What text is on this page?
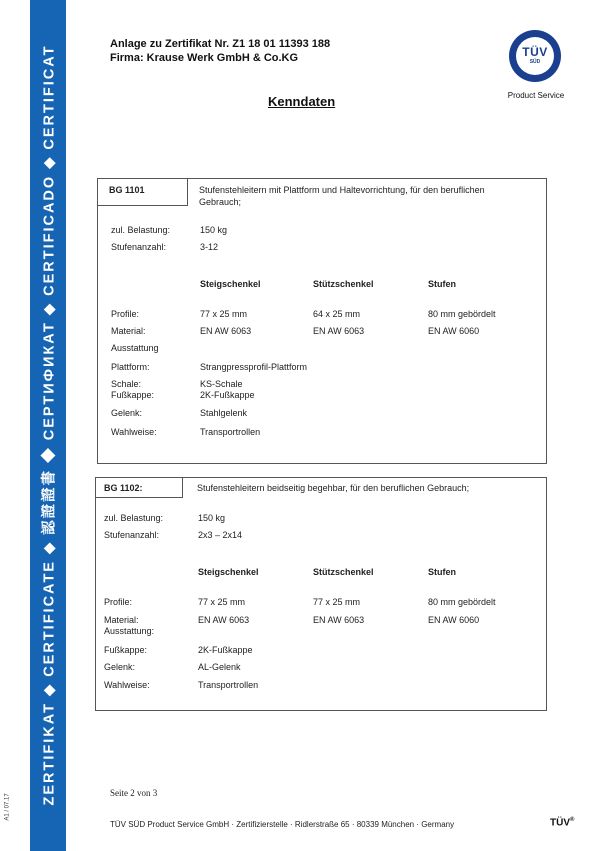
ZERTIFIKAT ◆ CERTIFICATE ◆ 認證證書 ◆ СЕРТИФИКАТ ◆ CERTIFICADO ◆ CERTIFICAT
A1 / 07.17
Anlage zu Zertifikat Nr. Z1 18 01 11393 188
Firma: Krause Werk GmbH & Co.KG	TÜV
SÜD
Product Service
Kenndaten
BG 1101	Stufenstehleitern mit Plattform und Haltevorrichtung, für den beruflichen Gebrauch;
zul. Belastung:	150 kg
Stufenanzahl:	3-12
Steigschenkel	Stützschenkel	Stufen
Profile:	77 x 25 mm	64 x 25 mm	80 mm gebördelt
Material:	EN AW 6063	EN AW 6063	EN AW 6060
Ausstattung
Plattform:	Strangpressprofil-Plattform
Schale:	KS-Schale
Fußkappe:	2K-Fußkappe
Gelenk:	Stahlgelenk
Wahlweise:	Transportrollen
BG 1102:	Stufenstehleitern beidseitig begehbar, für den beruflichen Gebrauch;
zul. Belastung:	150 kg
Stufenanzahl:	2x3 – 2x14
Steigschenkel	Stützschenkel	Stufen
Profile:	77 x 25 mm	77 x 25 mm	80 mm gebördelt
Material:	EN AW 6063	EN AW 6063	EN AW 6060
Ausstattung:
Fußkappe:	2K-Fußkappe
Gelenk:	AL-Gelenk
Wahlweise:	Transportrollen
Seite 2 von 3
TÜV SÜD Product Service GmbH · Zertifizierstelle · Ridlerstraße 65 · 80339 München · Germany	TÜV®
